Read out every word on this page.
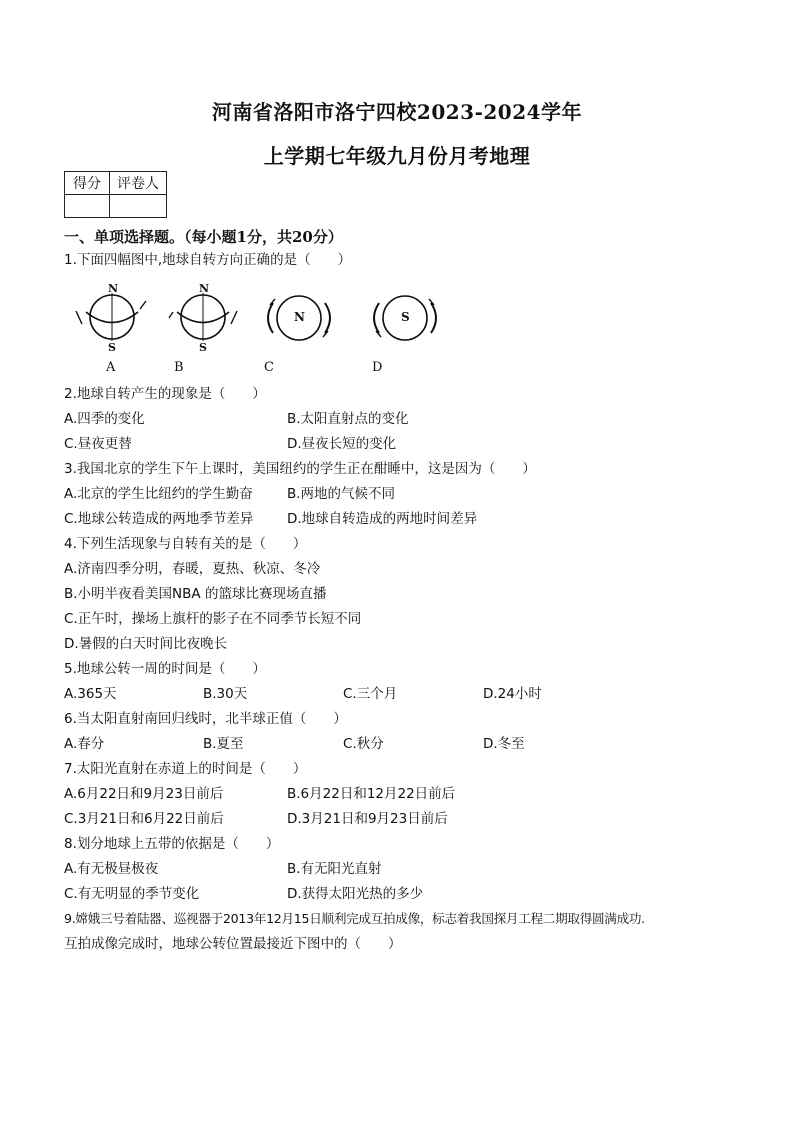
河南省洛阳市洛宁四校2023-2024学年
上学期七年级九月份月考地理
得分	评卷人

一、单项选择题。（每小题1分，共20分）
1.下面四幅图中,地球自转方向正确的是（　　）
N
S
N
S
N	S
A	B	C	D
2.地球自转产生的现象是（　　）
A.四季的变化	B.太阳直射点的变化
C.昼夜更替	D.昼夜长短的变化
3.我国北京的学生下午上课时，美国纽约的学生正在酣睡中，这是因为（　　）
A.北京的学生比纽约的学生勤奋	B.两地的气候不同
C.地球公转造成的两地季节差异	D.地球自转造成的两地时间差异
4.下列生活现象与自转有关的是（　　）
A.济南四季分明，春暖，夏热、秋凉、冬冷
B.小明半夜看美国NBA 的篮球比赛现场直播
C.正午时，操场上旗杆的影子在不同季节长短不同
D.暑假的白天时间比夜晚长
5.地球公转一周的时间是（　　）
A.365天	B.30天	C.三个月	D.24小时
6.当太阳直射南回归线时，北半球正值（　　）
A.春分	B.夏至	C.秋分	D.冬至
7.太阳光直射在赤道上的时间是（　　）
A.6月22日和9月23日前后	B.6月22日和12月22日前后
C.3月21日和6月22日前后	D.3月21日和9月23日前后
8.划分地球上五带的依据是（　　）
A.有无极昼极夜	B.有无阳光直射
C.有无明显的季节变化	D.获得太阳光热的多少
9.嫦娥三号着陆器、巡视器于2013年12月15日顺利完成互拍成像，标志着我国探月工程二期取得圆满成功.
互拍成像完成时，地球公转位置最接近下图中的（　　）
